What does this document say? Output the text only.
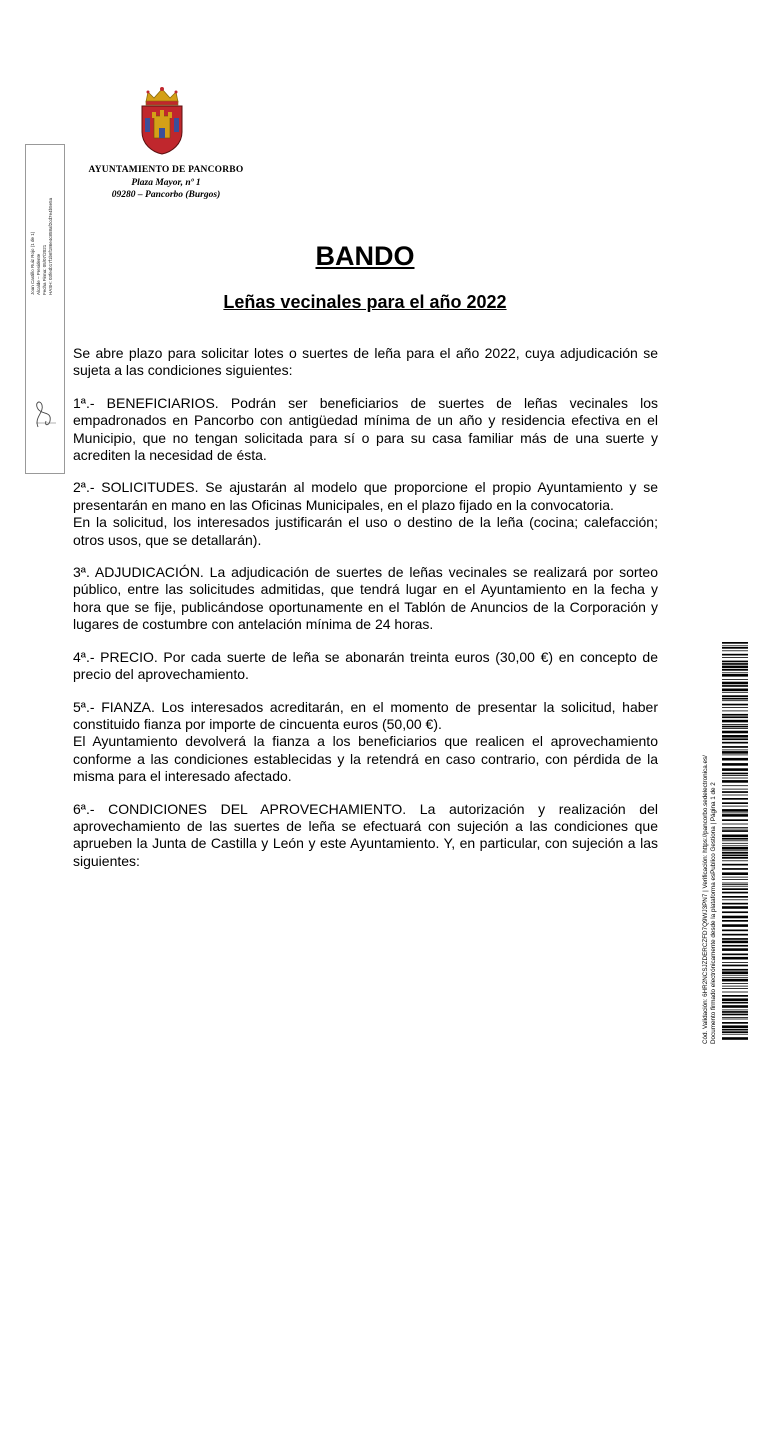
Joan Castillo Ruiz Rojo (1 de 1) Alcalde – Presidente Fecha Firma: 05/07/2021 HASH: 03fe4b17f1b6f186e4c858af2cd7e4b5e5a
AYUNTAMIENTO DE PANCORBO
Plaza Mayor, nº 1
09280 – Pancorbo (Burgos)
BANDO
Leñas vecinales para el año 2022

Se abre plazo para solicitar lotes o suertes de leña para el año 2022, cuya adjudicación se sujeta a las condiciones siguientes:

1ª.- BENEFICIARIOS. Podrán ser beneficiarios de suertes de leñas vecinales los empadronados en Pancorbo con antigüedad mínima de un año y residencia efectiva en el Municipio, que no tengan solicitada para sí o para su casa familiar más de una suerte y acrediten la necesidad de ésta.

2ª.- SOLICITUDES. Se ajustarán al modelo que proporcione el propio Ayuntamiento y se presentarán en mano en las Oficinas Municipales, en el plazo fijado en la convocatoria.

En la solicitud, los interesados justificarán el uso o destino de la leña (cocina; calefacción; otros usos, que se detallarán).

3ª. ADJUDICACIÓN. La adjudicación de suertes de leñas vecinales se realizará por sorteo público, entre las solicitudes admitidas, que tendrá lugar en el Ayuntamiento en la fecha y hora que se fije, publicándose oportunamente en el Tablón de Anuncios de la Corporación y lugares de costumbre con antelación mínima de 24 horas.

4ª.- PRECIO. Por cada suerte de leña se abonarán treinta euros (30,00 €) en concepto de precio del aprovechamiento.

5ª.- FIANZA. Los interesados acreditarán, en el momento de presentar la solicitud, haber constituido fianza por importe de cincuenta euros (50,00 €).

El Ayuntamiento devolverá la fianza a los beneficiarios que realicen el aprovechamiento conforme a las condiciones establecidas y la retendrá en caso contrario, con pérdida de la misma para el interesado afectado.

6ª.- CONDICIONES DEL APROVECHAMIENTO. La autorización y realización del aprovechamiento de las suertes de leña se efectuará con sujeción a las condiciones que aprueben la Junta de Castilla y León y este Ayuntamiento. Y, en particular, con sujeción a las siguientes:	Cód. Validación: 6HR2NCSJZDERCZFD7Q9WJ3PN7 | Verificación: https://pancorbo.sedelectronica.es/ Documento firmado electrónicamente desde la plataforma esPublico Gestiona | Página 1 de 2
